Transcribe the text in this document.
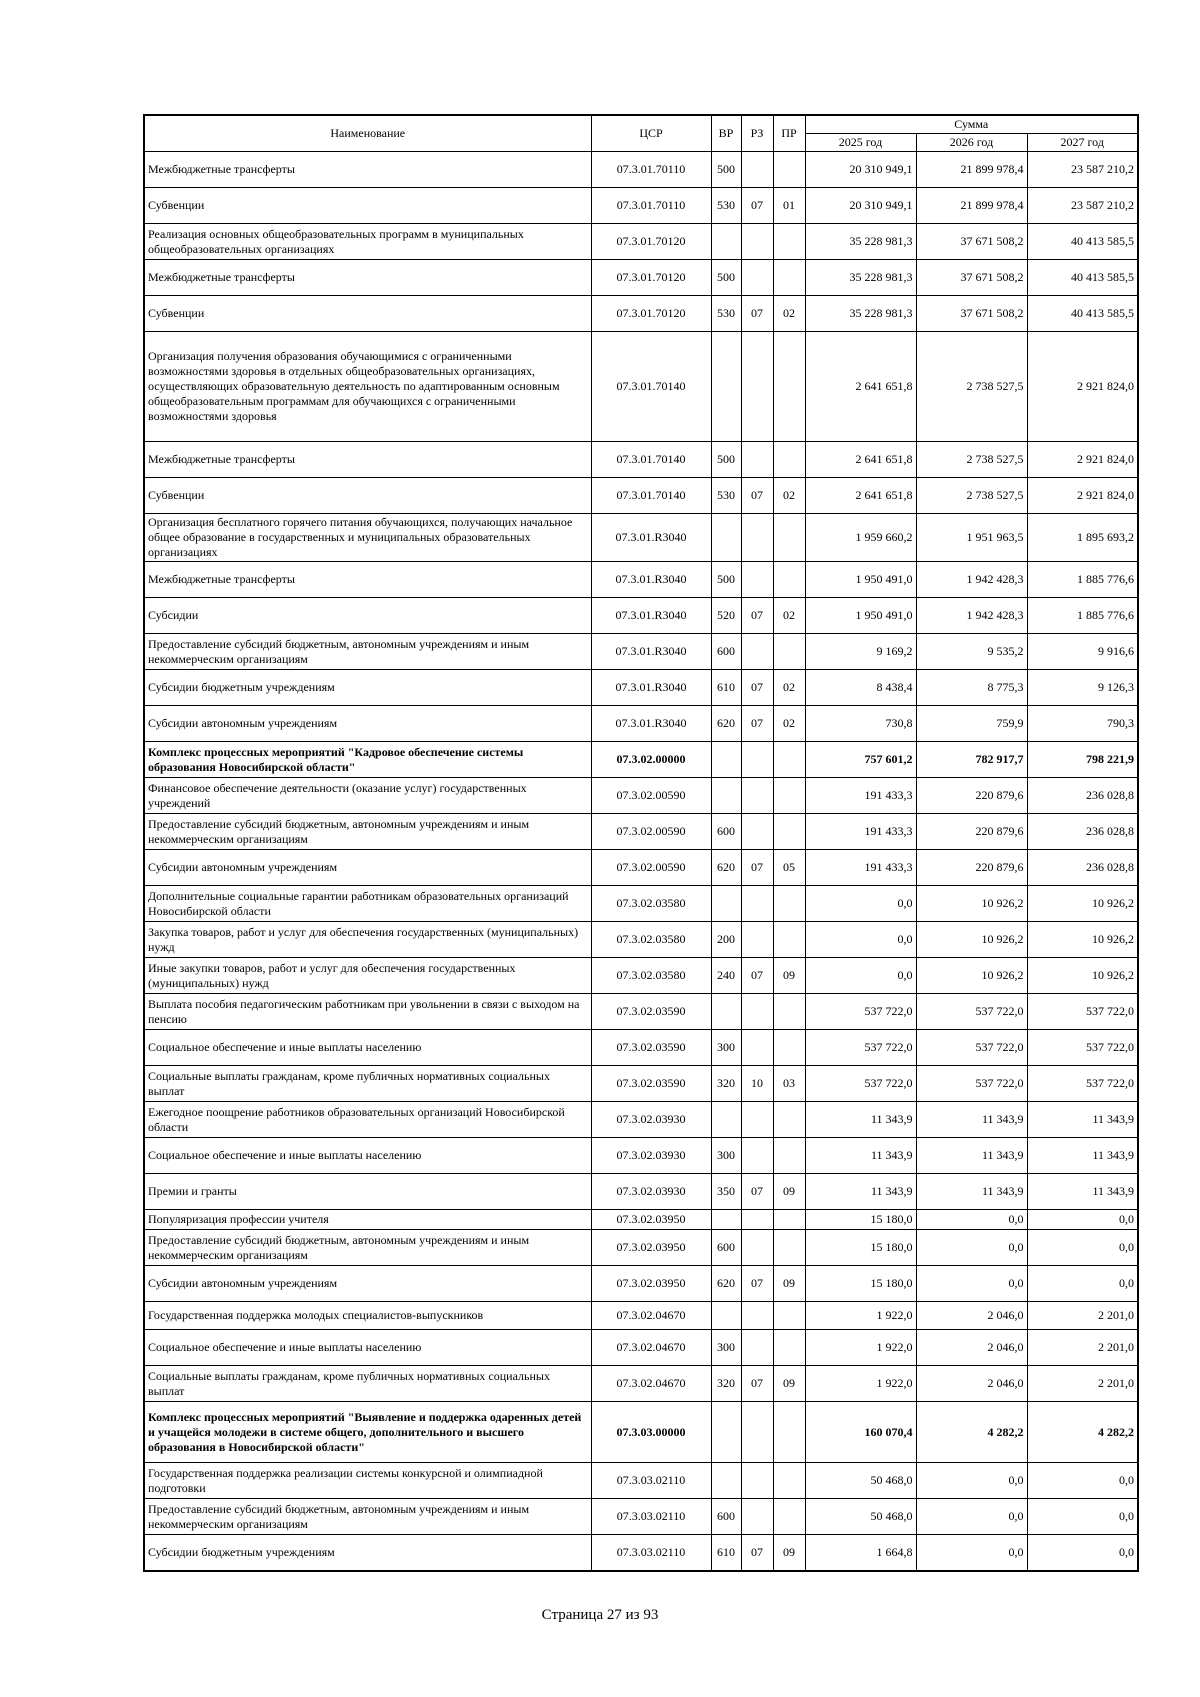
Наименование	ЦСР	ВР	РЗ	ПР	Сумма		
					2025 год	2026 год	2027 год
Межбюджетные трансферты	07.3.01.70110	500			20 310 949,1	21 899 978,4	23 587 210,2
Субвенции	07.3.01.70110	530	07	01	20 310 949,1	21 899 978,4	23 587 210,2
Реализация основных общеобразовательных программ в муниципальных общеобразовательных организациях	07.3.01.70120				35 228 981,3	37 671 508,2	40 413 585,5
Межбюджетные трансферты	07.3.01.70120	500			35 228 981,3	37 671 508,2	40 413 585,5
Субвенции	07.3.01.70120	530	07	02	35 228 981,3	37 671 508,2	40 413 585,5
Организация получения образования обучающимися с ограниченными возможностями здоровья в отдельных общеобразовательных организациях, осуществляющих образовательную деятельность по адаптированным основным общеобразовательным программам для обучающихся с ограниченными возможностями здоровья	07.3.01.70140				2 641 651,8	2 738 527,5	2 921 824,0
Межбюджетные трансферты	07.3.01.70140	500			2 641 651,8	2 738 527,5	2 921 824,0
Субвенции	07.3.01.70140	530	07	02	2 641 651,8	2 738 527,5	2 921 824,0
Организация бесплатного горячего питания обучающихся, получающих начальное общее образование в государственных и муниципальных образовательных организациях	07.3.01.R3040				1 959 660,2	1 951 963,5	1 895 693,2
Межбюджетные трансферты	07.3.01.R3040	500			1 950 491,0	1 942 428,3	1 885 776,6
Субсидии	07.3.01.R3040	520	07	02	1 950 491,0	1 942 428,3	1 885 776,6
Предоставление субсидий бюджетным, автономным учреждениям и иным некоммерческим организациям	07.3.01.R3040	600			9 169,2	9 535,2	9 916,6
Субсидии бюджетным учреждениям	07.3.01.R3040	610	07	02	8 438,4	8 775,3	9 126,3
Субсидии автономным учреждениям	07.3.01.R3040	620	07	02	730,8	759,9	790,3
Комплекс процессных мероприятий "Кадровое обеспечение системы образования Новосибирской области"	07.3.02.00000				757 601,2	782 917,7	798 221,9
Финансовое обеспечение деятельности (оказание услуг) государственных учреждений	07.3.02.00590				191 433,3	220 879,6	236 028,8
Предоставление субсидий бюджетным, автономным учреждениям и иным некоммерческим организациям	07.3.02.00590	600			191 433,3	220 879,6	236 028,8
Субсидии автономным учреждениям	07.3.02.00590	620	07	05	191 433,3	220 879,6	236 028,8
Дополнительные социальные гарантии работникам образовательных организаций Новосибирской области	07.3.02.03580				0,0	10 926,2	10 926,2
Закупка товаров, работ и услуг для обеспечения государственных (муниципальных) нужд	07.3.02.03580	200			0,0	10 926,2	10 926,2
Иные закупки товаров, работ и услуг для обеспечения государственных (муниципальных) нужд	07.3.02.03580	240	07	09	0,0	10 926,2	10 926,2
Выплата пособия педагогическим работникам при увольнении в связи с выходом на пенсию	07.3.02.03590				537 722,0	537 722,0	537 722,0
Социальное обеспечение и иные выплаты населению	07.3.02.03590	300			537 722,0	537 722,0	537 722,0
Социальные выплаты гражданам, кроме публичных нормативных социальных выплат	07.3.02.03590	320	10	03	537 722,0	537 722,0	537 722,0
Ежегодное поощрение работников образовательных организаций Новосибирской области	07.3.02.03930				11 343,9	11 343,9	11 343,9
Социальное обеспечение и иные выплаты населению	07.3.02.03930	300			11 343,9	11 343,9	11 343,9
Премии и гранты	07.3.02.03930	350	07	09	11 343,9	11 343,9	11 343,9
Популяризация профессии учителя	07.3.02.03950				15 180,0	0,0	0,0
Предоставление субсидий бюджетным, автономным учреждениям и иным некоммерческим организациям	07.3.02.03950	600			15 180,0	0,0	0,0
Субсидии автономным учреждениям	07.3.02.03950	620	07	09	15 180,0	0,0	0,0
Государственная поддержка молодых специалистов-выпускников	07.3.02.04670				1 922,0	2 046,0	2 201,0
Социальное обеспечение и иные выплаты населению	07.3.02.04670	300			1 922,0	2 046,0	2 201,0
Социальные выплаты гражданам, кроме публичных нормативных социальных выплат	07.3.02.04670	320	07	09	1 922,0	2 046,0	2 201,0
Комплекс процессных мероприятий "Выявление и поддержка одаренных детей и учащейся молодежи в системе общего, дополнительного и высшего образования в Новосибирской области"	07.3.03.00000				160 070,4	4 282,2	4 282,2
Государственная поддержка реализации системы конкурсной и олимпиадной подготовки	07.3.03.02110				50 468,0	0,0	0,0
Предоставление субсидий бюджетным, автономным учреждениям и иным некоммерческим организациям	07.3.03.02110	600			50 468,0	0,0	0,0
Субсидии бюджетным учреждениям	07.3.03.02110	610	07	09	1 664,8	0,0	0,0
Страница 27 из 93
